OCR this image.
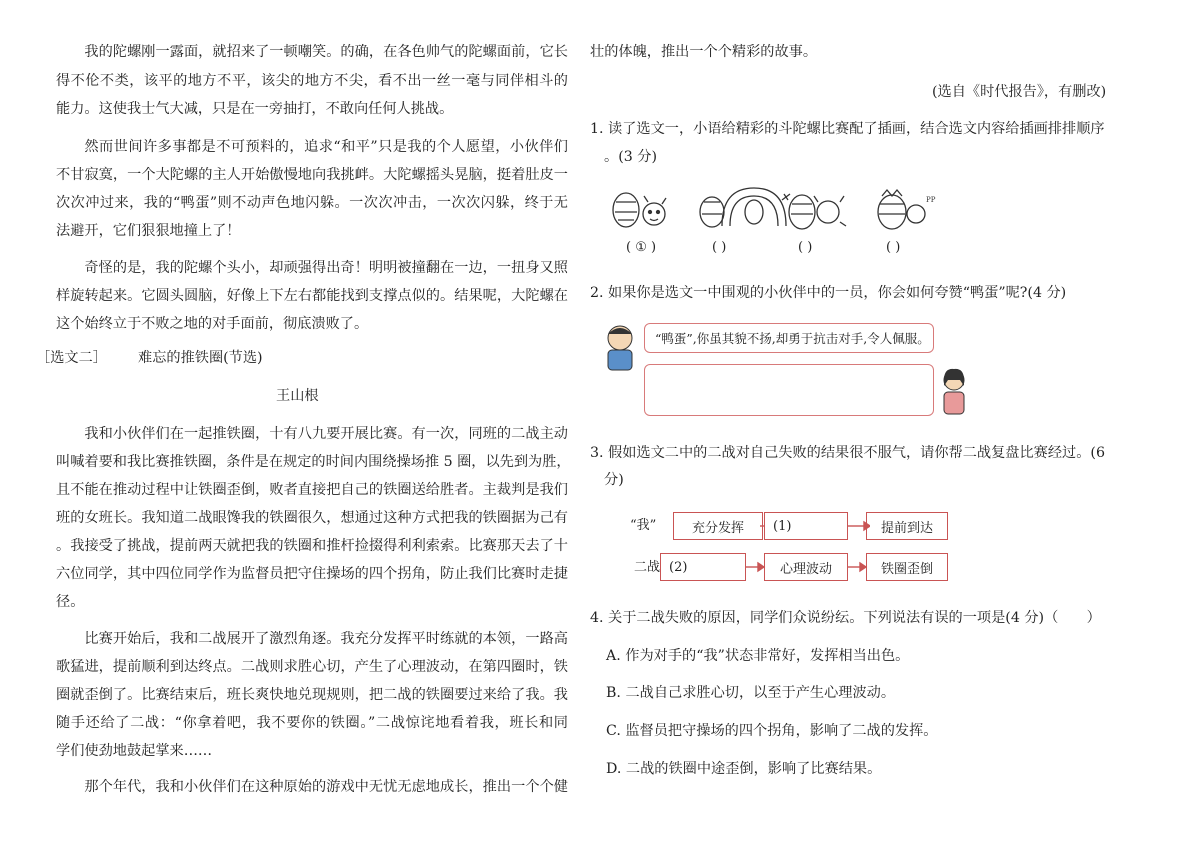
我的陀螺刚一露面，就招来了一顿嘲笑。的确，在各色帅气的陀螺面前，它长
得不伦不类，该平的地方不平，该尖的地方不尖，看不出一丝一毫与同伴相斗的
能力。这使我士气大减，只是在一旁抽打，不敢向任何人挑战。
然而世间许多事都是不可预料的，追求“和平”只是我的个人愿望，小伙伴们
不甘寂寞，一个大陀螺的主人开始傲慢地向我挑衅。大陀螺摇头晃脑，挺着肚皮一
次次冲过来，我的“鸭蛋”则不动声色地闪躲。一次次冲击，一次次闪躲，终于无
法避开，它们狠狠地撞上了！
奇怪的是，我的陀螺个头小，却顽强得出奇！明明被撞翻在一边，一扭身又照
样旋转起来。它圆头圆脑，好像上下左右都能找到支撑点似的。结果呢，大陀螺在
这个始终立于不败之地的对手面前，彻底溃败了。
［选文二］ 难忘的推铁圈(节选)
王山根
我和小伙伴们在一起推铁圈，十有八九要开展比赛。有一次，同班的二战主动
叫喊着要和我比赛推铁圈，条件是在规定的时间内围绕操场推 5 圈，以先到为胜，
且不能在推动过程中让铁圈歪倒，败者直接把自己的铁圈送给胜者。主裁判是我们
班的女班长。我知道二战眼馋我的铁圈很久，想通过这种方式把我的铁圈据为己有
。我接受了挑战，提前两天就把我的铁圈和推杆捡掇得利利索索。比赛那天去了十
六位同学，其中四位同学作为监督员把守住操场的四个拐角，防止我们比赛时走捷
径。
比赛开始后，我和二战展开了激烈角逐。我充分发挥平时练就的本领，一路高
歌猛进，提前顺利到达终点。二战则求胜心切，产生了心理波动，在第四圈时，铁
圈就歪倒了。比赛结束后，班长爽快地兑现规则，把二战的铁圈要过来给了我。我
随手还给了二战：“你拿着吧，我不要你的铁圈。”二战惊诧地看着我，班长和同
学们使劲地鼓起掌来……
那个年代，我和小伙伴们在这种原始的游戏中无忧无虑地成长，推出一个个健
壮的体魄，推出一个个精彩的故事。
(选自《时代报告》，有删改)
1. 读了选文一，小语给精彩的斗陀螺比赛配了插画，结合选文内容给插画排排顺序
。(3 分)
PP
( ① )	( )	( )	( )
2. 如果你是选文一中围观的小伙伴中的一员，你会如何夸赞“鸭蛋”呢?(4 分)
“鸭蛋”,你虽其貌不扬,却勇于抗击对手,令人佩服。
3. 假如选文二中的二战对自己失败的结果很不服气，请你帮二战复盘比赛经过。(6
分)
“我”	充分发挥	(1)	提前到达
二战 (2)	心理波动	铁圈歪倒
4. 关于二战失败的原因，同学们众说纷纭。下列说法有误的一项是(4 分)（　　）
A. 作为对手的“我”状态非常好，发挥相当出色。
B. 二战自己求胜心切，以至于产生心理波动。
C. 监督员把守操场的四个拐角，影响了二战的发挥。
D. 二战的铁圈中途歪倒，影响了比赛结果。
